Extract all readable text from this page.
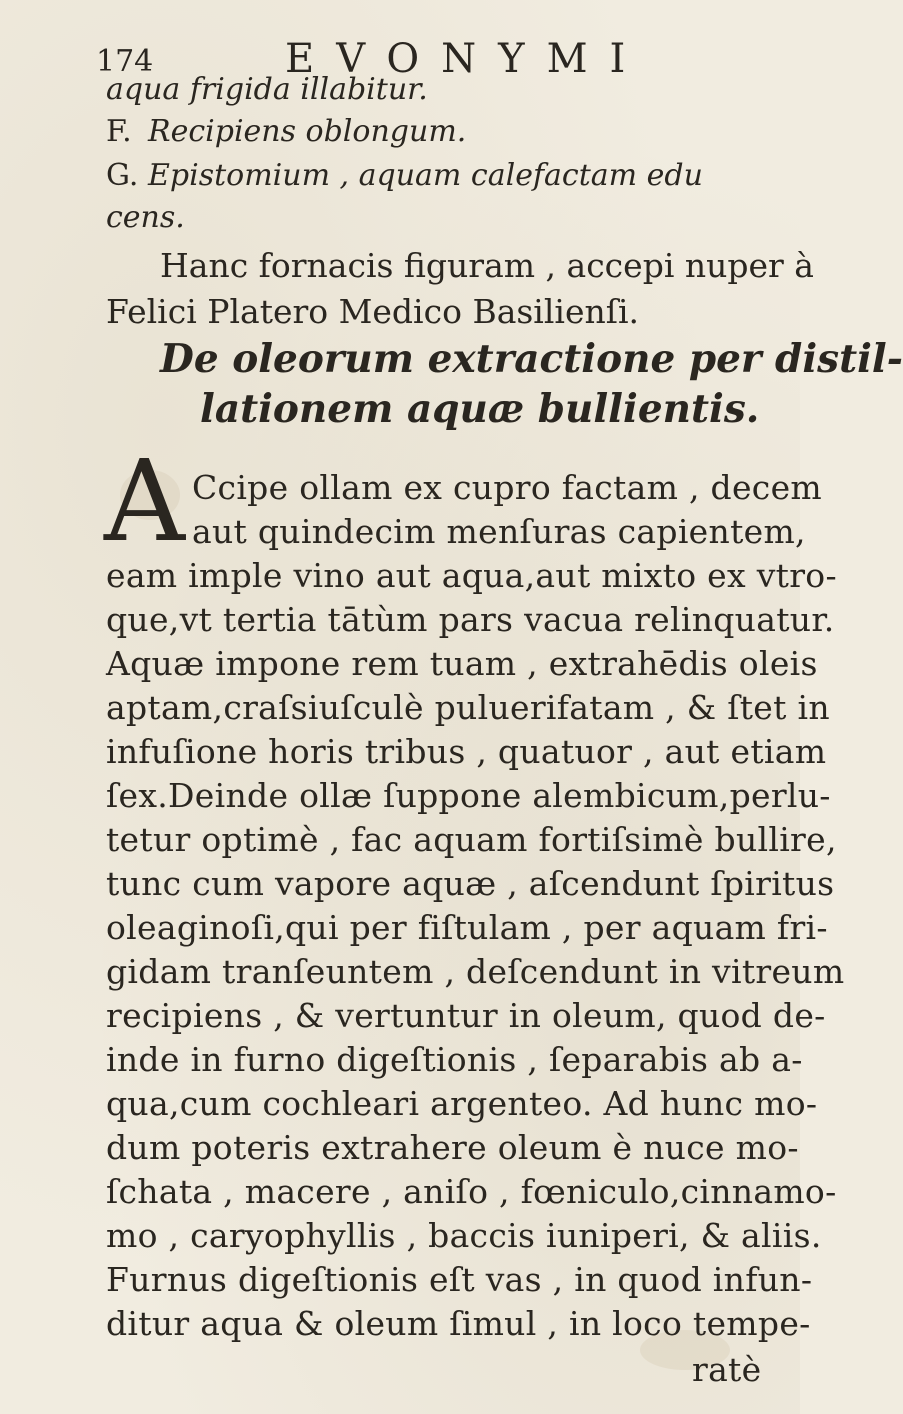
174	EVONYMI
aqua frigida illabitur.
F. Recipiens oblongum.
G. Epistomium , aquam calefactam edu
cens.
Hanc fornacis figuram , accepi nuper à
Felici Platero Medico Basilienſi.
De oleorum extractione per distil-
lationem aquæ bullientis.
A Ccipe ollam ex cupro factam , decem
aut quindecim menſuras capientem,
eam imple vino aut aqua,aut mixto ex vtro-
que,vt tertia tātùm pars vacua relinquatur.
Aquæ impone rem tuam , extrahēdis oleis
aptam,craſsiuſculè puluerifatam , & ſtet in
infuſione horis tribus , quatuor , aut etiam
ſex.Deinde ollæ ſuppone alembicum,perlu-
tetur optimè , fac aquam fortiſsimè bullire,
tunc cum vapore aquæ , aſcendunt ſpiritus
oleaginoſi,qui per fiſtulam , per aquam fri-
gidam tranſeuntem , deſcendunt in vitreum
recipiens , & vertuntur in oleum, quod de-
inde in furno digeſtionis , ſeparabis ab a-
qua,cum cochleari argenteo. Ad hunc mo-
dum poteris extrahere oleum è nuce mo-
ſchata , macere , aniſo , fœniculo,cinnamo-
mo , caryophyllis , baccis iuniperi, & aliis.
Furnus digeſtionis eſt vas , in quod infun-
ditur aqua & oleum ſimul , in loco tempe-
ratè
